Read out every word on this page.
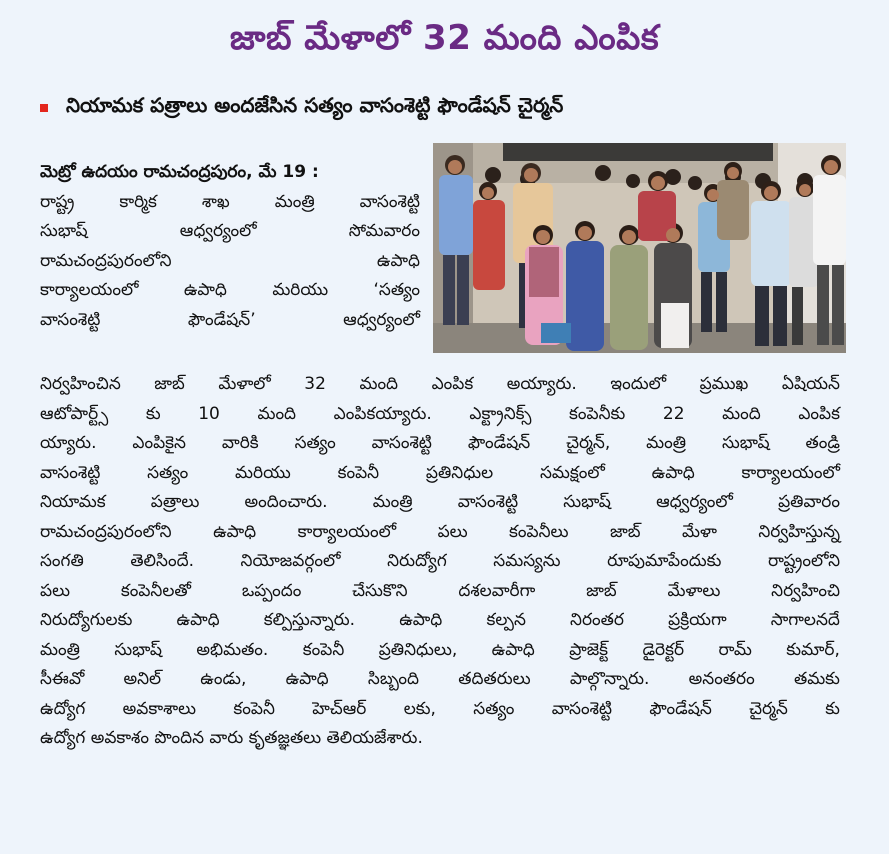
జాబ్ మేళాలో 32 మంది ఎంపిక
నియామక పత్రాలు అందజేసిన సత్యం వాసంశెట్టి ఫౌండేషన్ చైర్మన్
మెట్రో ఉదయం రామచంద్రపురం, మే 19 :
రాష్ట్ర	కార్మిక	శాఖ	మంత్రి	వాసంశెట్టి
సుభాష్	ఆధ్వర్యంలో	సోమవారం
రామచంద్రపురంలోని	ఉపాధి
కార్యాలయంలో	ఉపాధి	మరియు	‘సత్యం
వాసంశెట్టి	ఫౌండేషన్’	ఆధ్వర్యంలో
నిర్వహించిన జాబ్ మేళాలో 32 మంది ఎంపిక అయ్యారు. ఇందులో ప్రముఖ ఏషియన్
ఆటోపార్ట్స్ కు 10 మంది ఎంపికయ్యారు. ఎక్ట్రానిక్స్ కంపెనీకు 22 మంది ఎంపిక
య్యారు. ఎంపికైన వారికి సత్యం వాసంశెట్టి ఫౌండేషన్ చైర్మన్, మంత్రి సుభాష్ తండ్రి
వాసంశెట్టి	సత్యం	మరియు	కంపెనీ	ప్రతినిధుల	సమక్షంలో	ఉపాధి	కార్యాలయంలో
నియామక	పత్రాలు	అందించారు.	మంత్రి	వాసంశెట్టి	సుభాష్	ఆధ్వర్యంలో	ప్రతివారం
రామచంద్రపురంలోని ఉపాధి కార్యాలయంలో పలు కంపెనీలు జాబ్ మేళా నిర్వహిస్తున్న
సంగతి	తెలిసిందే.	నియోజవర్గంలో	నిరుద్యోగ	సమస్యను	రూపుమాపేందుకు	రాష్ట్రంలోని
పలు	కంపెనీలతో	ఒప్పందం	చేసుకొని	దశలవారీగా	జాబ్	మేళాలు	నిర్వహించి
నిరుద్యోగులకు	ఉపాధి	కల్పిస్తున్నారు.	ఉపాధి	కల్పన	నిరంతర	ప్రక్రియగా	సాగాలనదే
మంత్రి సుభాష్ అభిమతం. కంపెనీ ప్రతినిధులు, ఉపాధి ప్రాజెక్ట్ డైరెక్టర్ రామ్ కుమార్,
సీఈవో అనిల్ ఉండు, ఉపాధి సిబ్బంది తదితరులు పాల్గొన్నారు. అనంతరం తమకు
ఉద్యోగ అవకాశాలు కంపెనీ హెచ్ఆర్ లకు, సత్యం వాసంశెట్టి ఫౌండేషన్ చైర్మన్ కు
ఉద్యోగ అవకాశం పొందిన వారు కృతజ్ఞతలు తెలియజేశారు.
